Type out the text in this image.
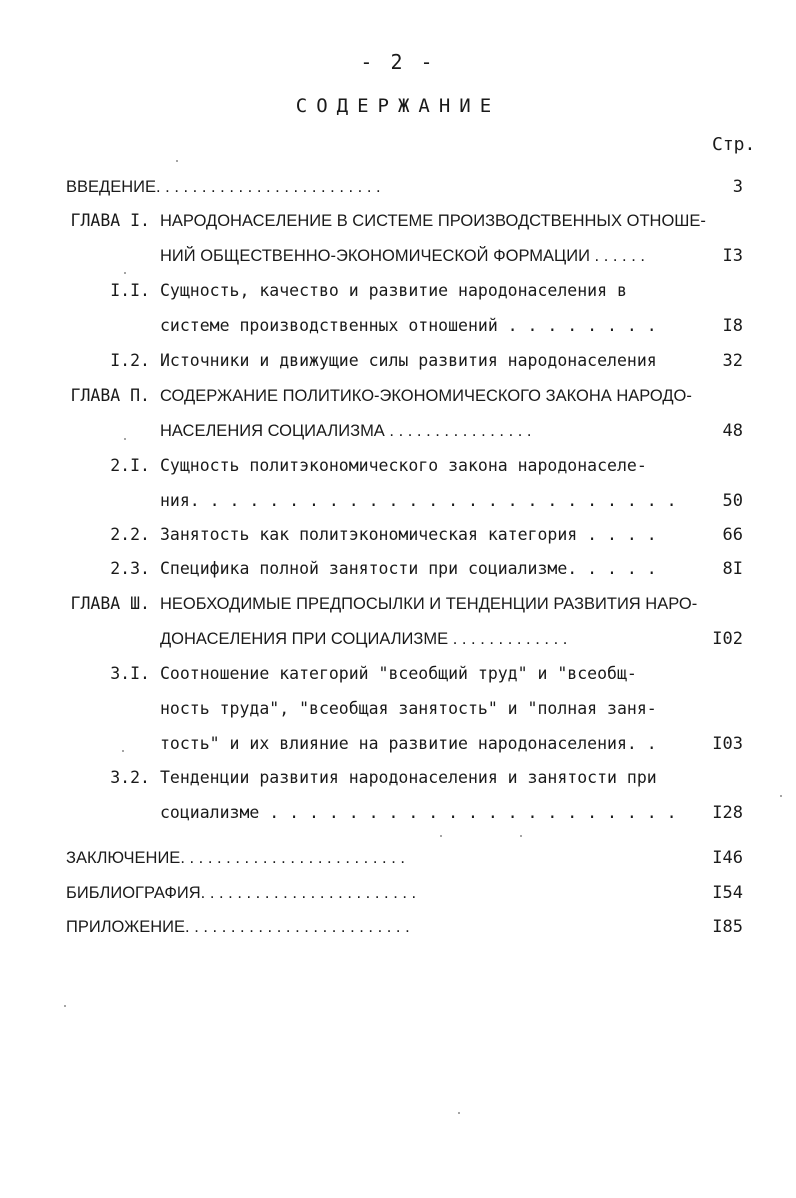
- 2 -
СОДЕРЖАНИЕ
Стр.
ВВЕДЕНИЕ. . . . . . . . . . . . . . . . . . . . . . . . .	3
ГЛАВА I. НАРОДОНАСЕЛЕНИЕ В СИСТЕМЕ ПРОИЗВОДСТВЕННЫХ ОТНОШЕ-
НИЙ ОБЩЕСТВЕННО-ЭКОНОМИЧЕСКОЙ ФОРМАЦИИ . . . . . .	I3
I.I. Сущность, качество и развитие народонаселения в
системе производственных отношений . . . . . . . .	I8
I.2. Источники и движущие силы развития народонаселения	32
ГЛАВА П. СОДЕРЖАНИЕ ПОЛИТИКО-ЭКОНОМИЧЕСКОГО ЗАКОНА НАРОДО-
НАСЕЛЕНИЯ СОЦИАЛИЗМА . . . . . . . . . . . . . . . .	48
2.I. Сущность политэкономического закона народонаселе-
ния. . . . . . . . . . . . . . . . . . . . . . . . .	50
2.2. Занятость как политэкономическая категория . . . .	66
2.3. Специфика полной занятости при социализме. . . . .	8I
ГЛАВА Ш. НЕОБХОДИМЫЕ ПРЕДПОСЫЛКИ И ТЕНДЕНЦИИ РАЗВИТИЯ НАРО-
ДОНАСЕЛЕНИЯ ПРИ СОЦИАЛИЗМЕ . . . . . . . . . . . . .	I02
3.I. Соотношение категорий "всеобщий труд" и "всеобщ-
ность труда", "всеобщая занятость" и "полная заня-
тость" и их влияние на развитие народонаселения. .	I03
3.2. Тенденции развития народонаселения и занятости при
социализме . . . . . . . . . . . . . . . . . . . . .	I28
ЗАКЛЮЧЕНИЕ. . . . . . . . . . . . . . . . . . . . . . . . .	I46
БИБЛИОГРАФИЯ. . . . . . . . . . . . . . . . . . . . . . . .	I54
ПРИЛОЖЕНИЕ. . . . . . . . . . . . . . . . . . . . . . . . .	I85
